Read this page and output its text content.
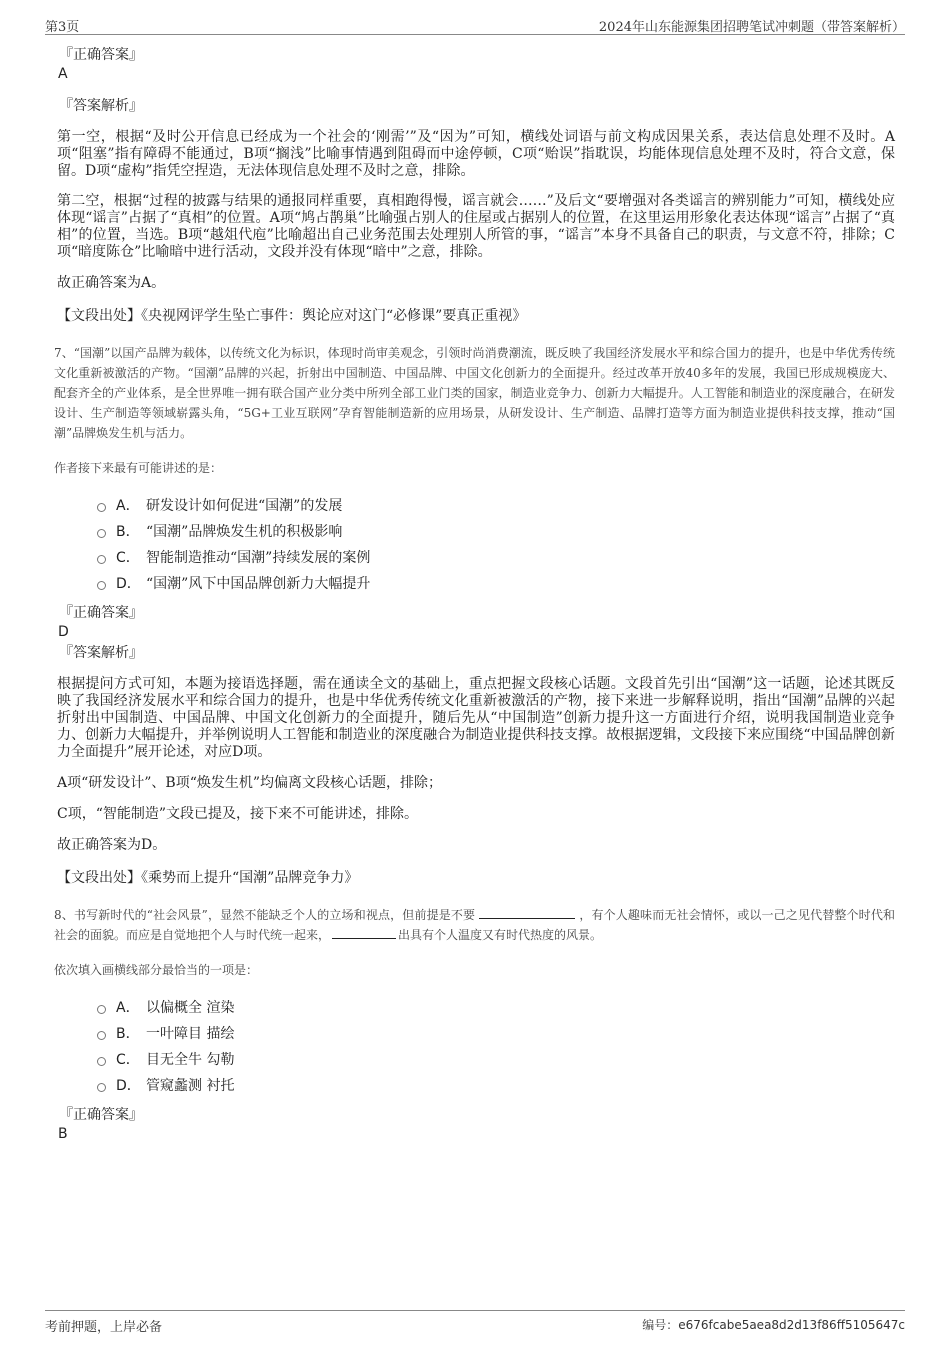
第3页	2024年山东能源集团招聘笔试冲刺题（带答案解析）
『正确答案』
A
『答案解析』

第一空，根据“及时公开信息已经成为一个社会的‘刚需’”及“因为”可知，横线处词语与前文构成因果关系，表达信息处理不及时。A项“阻塞”指有障碍不能通过，B项“搁浅”比喻事情遇到阻碍而中途停顿，C项“贻误”指耽误，均能体现信息处理不及时，符合文意，保留。D项“虚构”指凭空捏造，无法体现信息处理不及时之意，排除。

第二空，根据“过程的披露与结果的通报同样重要，真相跑得慢，谣言就会……”及后文“要增强对各类谣言的辨别能力”可知，横线处应体现“谣言”占据了“真相”的位置。A项“鸠占鹊巢”比喻强占别人的住屋或占据别人的位置，在这里运用形象化表达体现“谣言”占据了“真相”的位置，当选。B项“越俎代庖”比喻超出自己业务范围去处理别人所管的事，“谣言”本身不具备自己的职责，与文意不符，排除；C项“暗度陈仓”比喻暗中进行活动，文段并没有体现“暗中”之意，排除。

故正确答案为A。

【文段出处】《央视网评学生坠亡事件：舆论应对这门“必修课”要真正重视》

7、“国潮”以国产品牌为载体，以传统文化为标识，体现时尚审美观念，引领时尚消费潮流，既反映了我国经济发展水平和综合国力的提升，也是中华优秀传统文化重新被激活的产物。“国潮”品牌的兴起，折射出中国制造、中国品牌、中国文化创新力的全面提升。经过改革开放40多年的发展，我国已形成规模庞大、配套齐全的产业体系，是全世界唯一拥有联合国产业分类中所列全部工业门类的国家，制造业竞争力、创新力大幅提升。人工智能和制造业的深度融合，在研发设计、生产制造等领域崭露头角，“5G+工业互联网”孕育智能制造新的应用场景，从研发设计、生产制造、品牌打造等方面为制造业提供科技支撑，推动“国潮”品牌焕发生机与活力。

作者接下来最有可能讲述的是：

A． 研发设计如何促进“国潮”的发展
B． “国潮”品牌焕发生机的积极影响
C． 智能制造推动“国潮”持续发展的案例
D． “国潮”风下中国品牌创新力大幅提升
『正确答案』
D
『答案解析』

根据提问方式可知，本题为接语选择题，需在通读全文的基础上，重点把握文段核心话题。文段首先引出“国潮”这一话题，论述其既反映了我国经济发展水平和综合国力的提升，也是中华优秀传统文化重新被激活的产物，接下来进一步解释说明，指出“国潮”品牌的兴起折射出中国制造、中国品牌、中国文化创新力的全面提升，随后先从“中国制造”创新力提升这一方面进行介绍，说明我国制造业竞争力、创新力大幅提升，并举例说明人工智能和制造业的深度融合为制造业提供科技支撑。故根据逻辑，文段接下来应围绕“中国品牌创新力全面提升”展开论述，对应D项。

A项“研发设计”、B项“焕发生机”均偏离文段核心话题，排除；

C项，“智能制造”文段已提及，接下来不可能讲述，排除。

故正确答案为D。

【文段出处】《乘势而上提升“国潮”品牌竞争力》

8、书写新时代的“社会风景”，显然不能缺乏个人的立场和视点，但前提是不要	，有个人趣味而无社会情怀，或以一己之见代替整个时代和社会的面貌。而应是自觉地把个人与时代统一起来，	出具有个人温度又有时代热度的风景。

依次填入画横线部分最恰当的一项是：

A． 以偏概全 渲染
B． 一叶障目 描绘
C． 目无全牛 勾勒
D． 管窥蠡测 衬托
『正确答案』
B
考前押题，上岸必备	编号：e676fcabe5aea8d2d13f86ff5105647c
